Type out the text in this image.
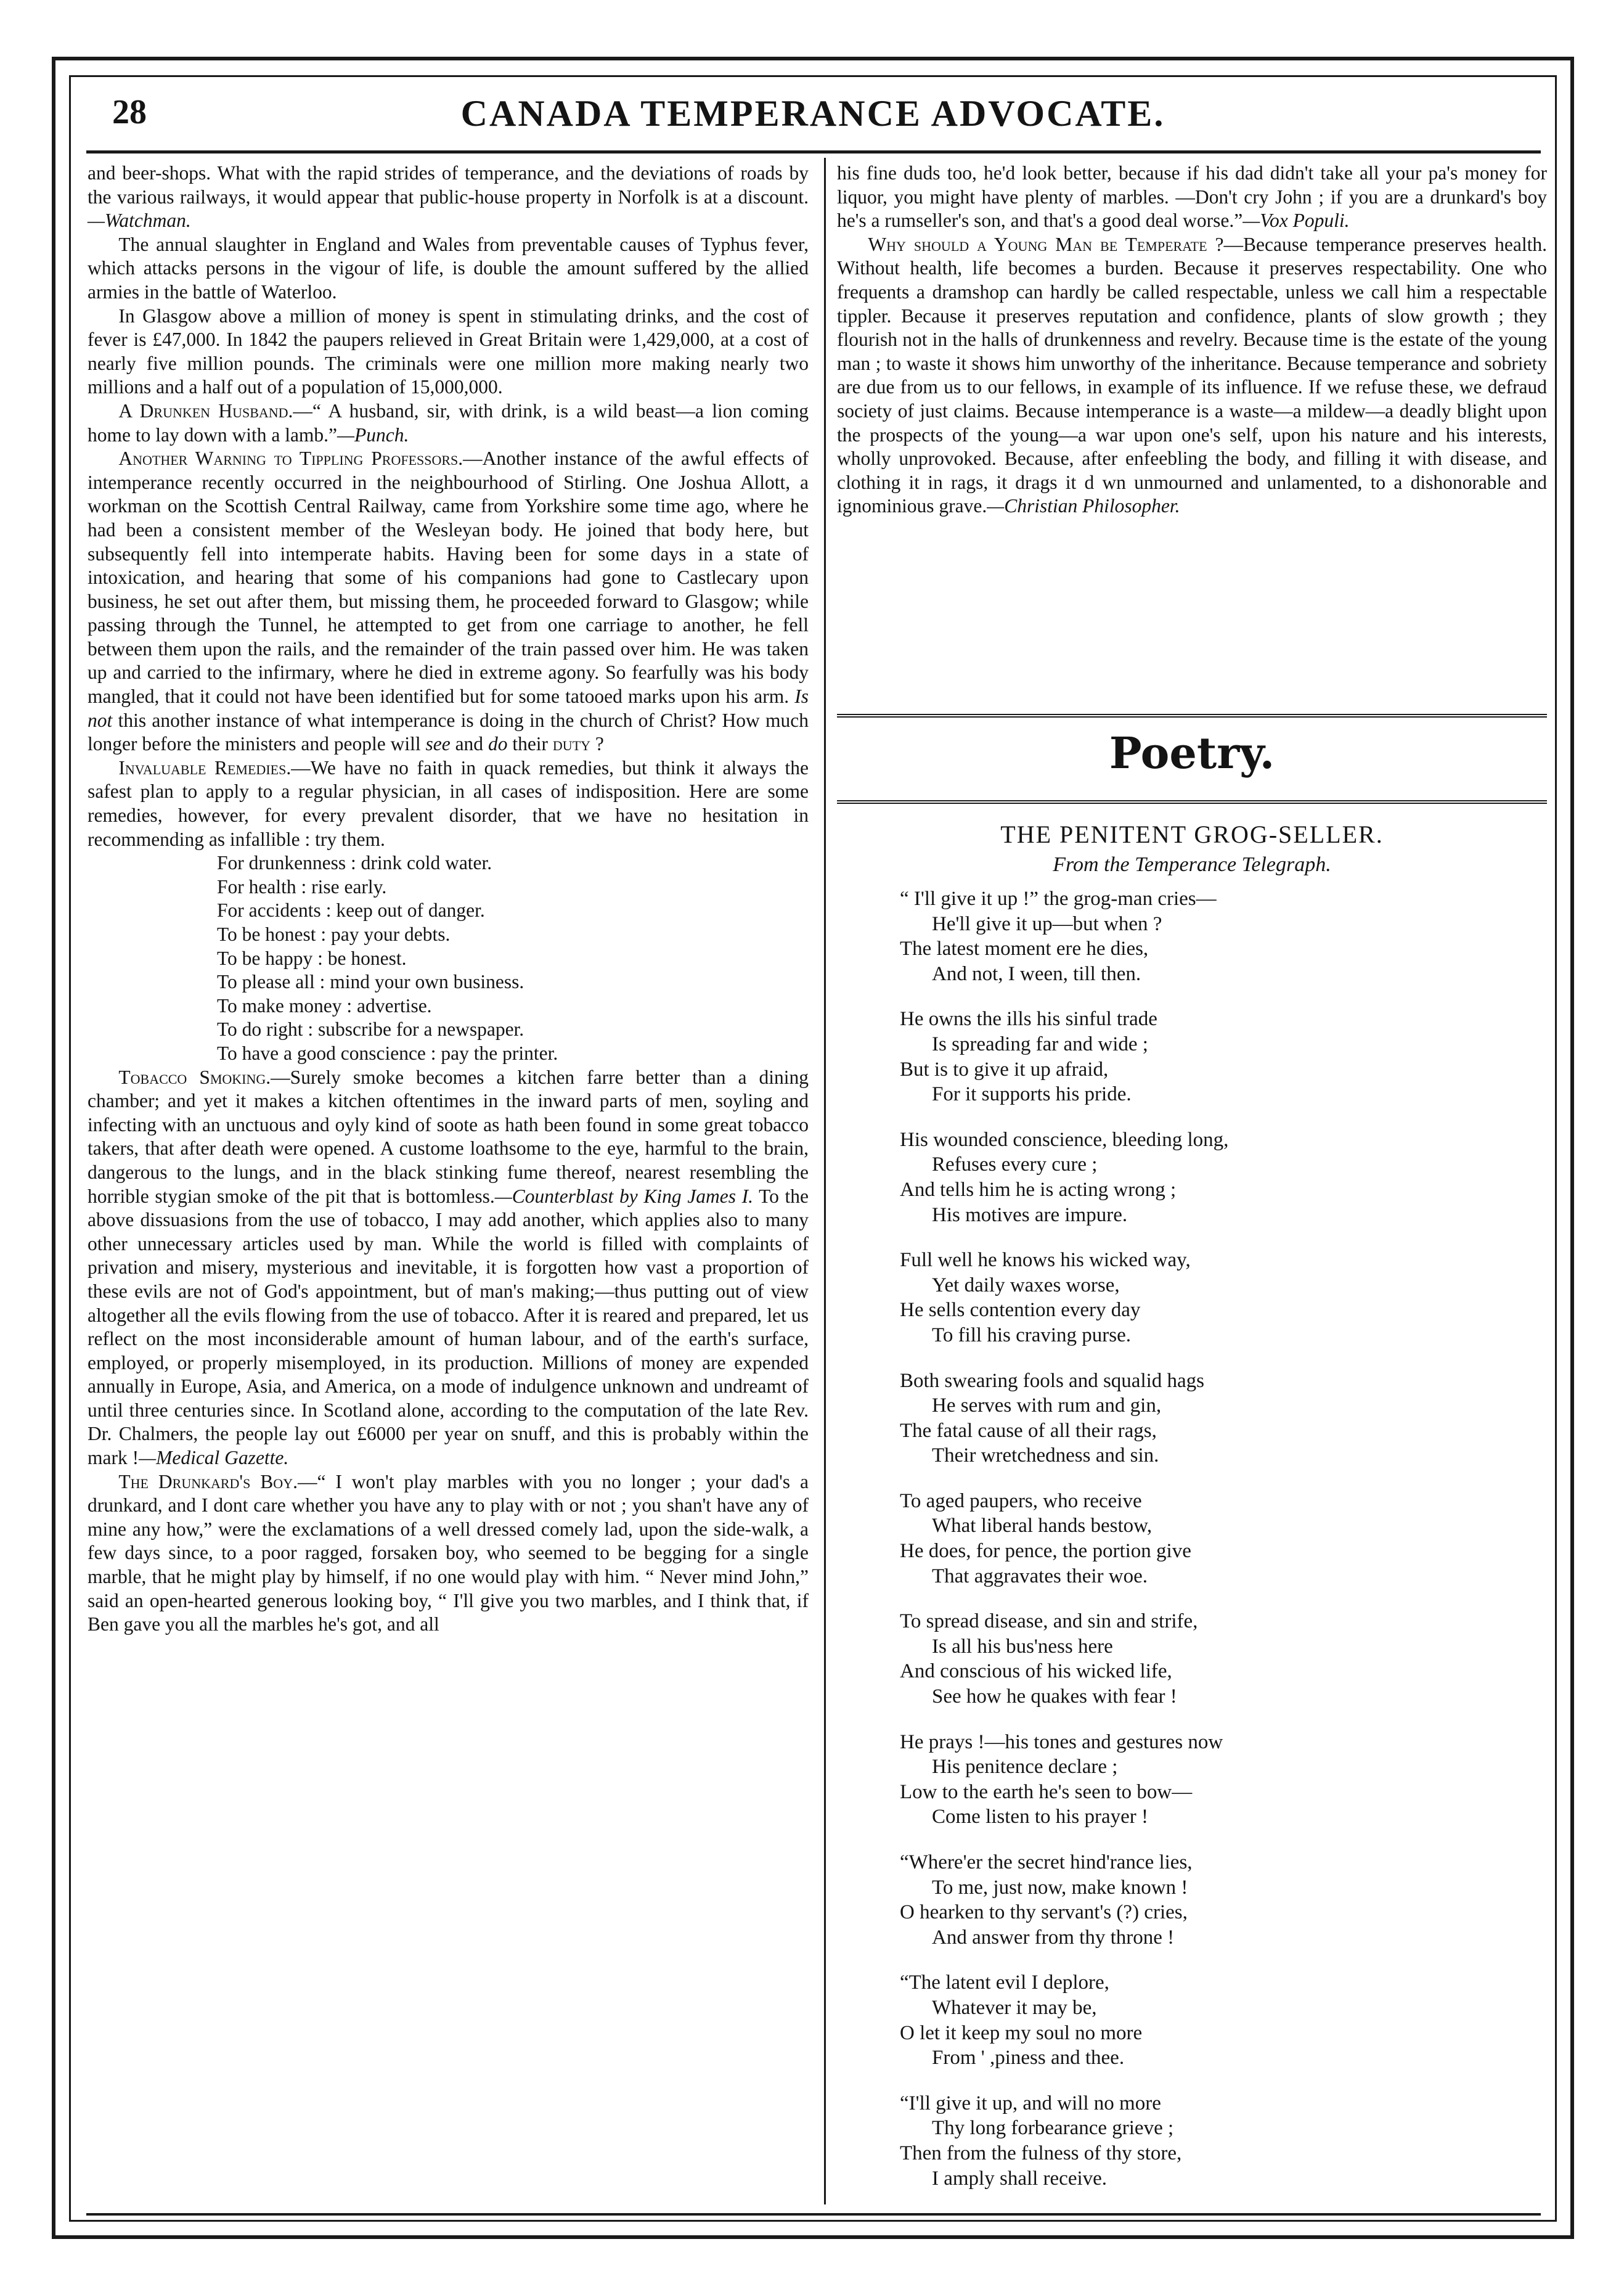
28	CANADA TEMPERANCE ADVOCATE.

and beer-shops. What with the rapid strides of temperance, and the deviations of roads by the various railways, it would appear that public-house property in Norfolk is at a discount.—Watchman.

The annual slaughter in England and Wales from preventable causes of Typhus fever, which attacks persons in the vigour of life, is double the amount suffered by the allied armies in the battle of Waterloo.

In Glasgow above a million of money is spent in stimulating drinks, and the cost of fever is £47,000. In 1842 the paupers relieved in Great Britain were 1,429,000, at a cost of nearly five million pounds. The criminals were one million more making nearly two millions and a half out of a population of 15,000,000.

A Drunken Husband.—“ A husband, sir, with drink, is a wild beast—a lion coming home to lay down with a lamb.”—Punch.

Another Warning to Tippling Professors.—Another instance of the awful effects of intemperance recently occurred in the neighbourhood of Stirling. One Joshua Allott, a workman on the Scottish Central Railway, came from Yorkshire some time ago, where he had been a consistent member of the Wesleyan body. He joined that body here, but subsequently fell into intemperate habits. Having been for some days in a state of intoxication, and hearing that some of his companions had gone to Castlecary upon business, he set out after them, but missing them, he proceeded forward to Glasgow; while passing through the Tunnel, he attempted to get from one carriage to another, he fell between them upon the rails, and the remainder of the train passed over him. He was taken up and carried to the infirmary, where he died in extreme agony. So fearfully was his body mangled, that it could not have been identified but for some tatooed marks upon his arm. Is not this another instance of what intemperance is doing in the church of Christ? How much longer before the ministers and people will see and do their duty ?

Invaluable Remedies.—We have no faith in quack remedies, but think it always the safest plan to apply to a regular physician, in all cases of indisposition. Here are some remedies, however, for every prevalent disorder, that we have no hesitation in recommending as infallible : try them.

For drunkenness : drink cold water.
For health : rise early.
For accidents : keep out of danger.
To be honest : pay your debts.
To be happy : be honest.
To please all : mind your own business.
To make money : advertise.
To do right : subscribe for a newspaper.
To have a good conscience : pay the printer.

Tobacco Smoking.—Surely smoke becomes a kitchen farre better than a dining chamber; and yet it makes a kitchen oftentimes in the inward parts of men, soyling and infecting with an unctuous and oyly kind of soote as hath been found in some great tobacco takers, that after death were opened. A custome loathsome to the eye, harmful to the brain, dangerous to the lungs, and in the black stinking fume thereof, nearest resembling the horrible stygian smoke of the pit that is bottomless.—Counterblast by King James I. To the above dissuasions from the use of tobacco, I may add another, which applies also to many other unnecessary articles used by man. While the world is filled with complaints of privation and misery, mysterious and inevitable, it is forgotten how vast a proportion of these evils are not of God's appointment, but of man's making;—thus putting out of view altogether all the evils flowing from the use of tobacco. After it is reared and prepared, let us reflect on the most inconsiderable amount of human labour, and of the earth's surface, employed, or properly misemployed, in its production. Millions of money are expended annually in Europe, Asia, and America, on a mode of indulgence unknown and undreamt of until three centuries since. In Scotland alone, according to the computation of the late Rev. Dr. Chalmers, the people lay out £6000 per year on snuff, and this is probably within the mark !—Medical Gazette.

The Drunkard's Boy.—“ I won't play marbles with you no longer ; your dad's a drunkard, and I dont care whether you have any to play with or not ; you shan't have any of mine any how,” were the exclamations of a well dressed comely lad, upon the side-walk, a few days since, to a poor ragged, forsaken boy, who seemed to be begging for a single marble, that he might play by himself, if no one would play with him. “ Never mind John,” said an open-hearted generous looking boy, “ I'll give you two marbles, and I think that, if Ben gave you all the marbles he's got, and all

his fine duds too, he'd look better, because if his dad didn't take all your pa's money for liquor, you might have plenty of marbles. —Don't cry John ; if you are a drunkard's boy he's a rumseller's son, and that's a good deal worse.”—Vox Populi.

Why should a Young Man be Temperate ?—Because temperance preserves health. Without health, life becomes a burden. Because it preserves respectability. One who frequents a dramshop can hardly be called respectable, unless we call him a respectable tippler. Because it preserves reputation and confidence, plants of slow growth ; they flourish not in the halls of drunkenness and revelry. Because time is the estate of the young man ; to waste it shows him unworthy of the inheritance. Because temperance and sobriety are due from us to our fellows, in example of its influence. If we refuse these, we defraud society of just claims. Because intemperance is a waste—a mildew—a deadly blight upon the prospects of the young—a war upon one's self, upon his nature and his interests, wholly unprovoked. Because, after enfeebling the body, and filling it with disease, and clothing it in rags, it drags it d wn unmourned and unlamented, to a dishonorable and ignominious grave.—Christian Philosopher.

Poetry.
THE PENITENT GROG-SELLER.
From the Temperance Telegraph.
“ I'll give it up !” the grog-man cries—
He'll give it up—but when ?
The latest moment ere he dies,
And not, I ween, till then.
He owns the ills his sinful trade
Is spreading far and wide ;
But is to give it up afraid,
For it supports his pride.
His wounded conscience, bleeding long,
Refuses every cure ;
And tells him he is acting wrong ;
His motives are impure.
Full well he knows his wicked way,
Yet daily waxes worse,
He sells contention every day
To fill his craving purse.
Both swearing fools and squalid hags
He serves with rum and gin,
The fatal cause of all their rags,
Their wretchedness and sin.
To aged paupers, who receive
What liberal hands bestow,
He does, for pence, the portion give
That aggravates their woe.
To spread disease, and sin and strife,
Is all his bus'ness here
And conscious of his wicked life,
See how he quakes with fear !
He prays !—his tones and gestures now
His penitence declare ;
Low to the earth he's seen to bow—
Come listen to his prayer !
“Where'er the secret hind'rance lies,
To me, just now, make known !
O hearken to thy servant's (?) cries,
And answer from thy throne !
“The latent evil I deplore,
Whatever it may be,
O let it keep my soul no more
From ' ,piness and thee.
“I'll give it up, and will no more
Thy long forbearance grieve ;
Then from the fulness of thy store,
I amply shall receive.
